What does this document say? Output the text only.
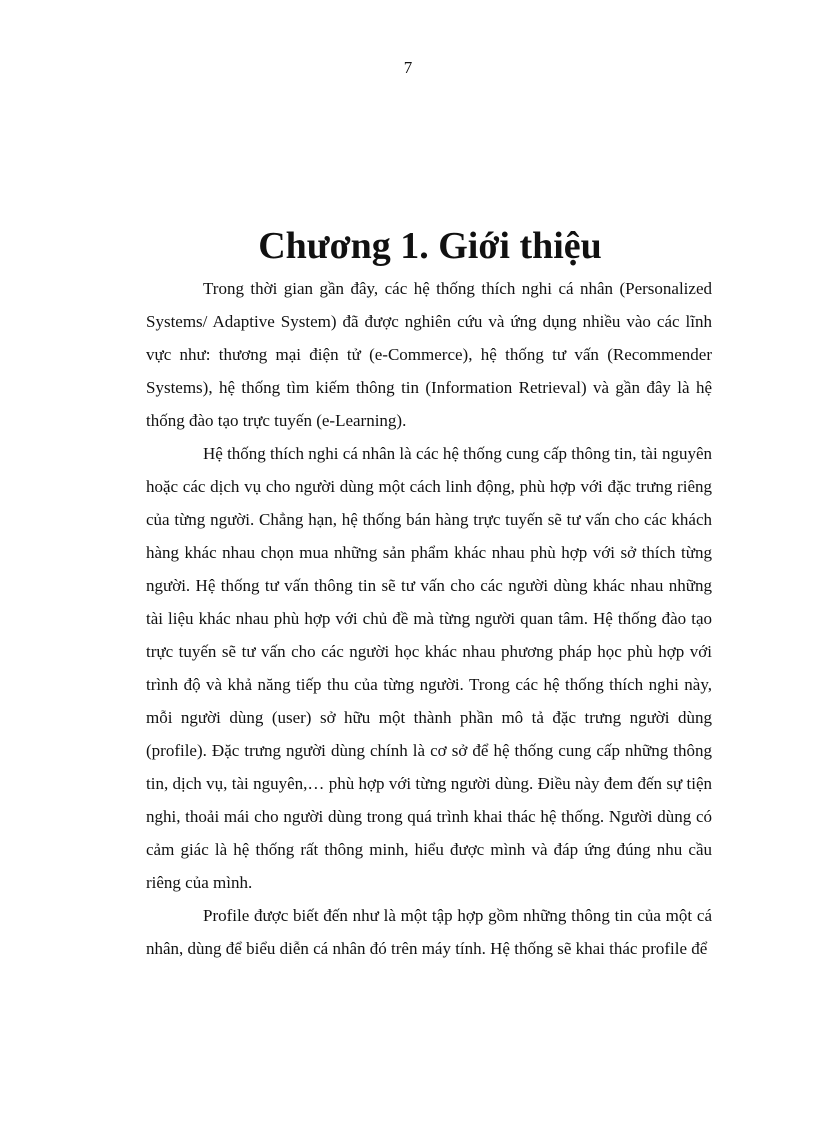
7
Chương 1. Giới thiệu

Trong thời gian gần đây, các hệ thống thích nghi cá nhân (Personalized Systems/ Adaptive System) đã được nghiên cứu và ứng dụng nhiều vào các lĩnh vực như: thương mại điện tử (e-Commerce), hệ thống tư vấn (Recommender Systems), hệ thống tìm kiếm thông tin (Information Retrieval) và gần đây là hệ thống đào tạo trực tuyến (e-Learning).

Hệ thống thích nghi cá nhân là các hệ thống cung cấp thông tin, tài nguyên hoặc các dịch vụ cho người dùng một cách linh động, phù hợp với đặc trưng riêng của từng người. Chẳng hạn, hệ thống bán hàng trực tuyến sẽ tư vấn cho các khách hàng khác nhau chọn mua những sản phẩm khác nhau phù hợp với sở thích từng người. Hệ thống tư vấn thông tin sẽ tư vấn cho các người dùng khác nhau những tài liệu khác nhau phù hợp với chủ đề mà từng người quan tâm. Hệ thống đào tạo trực tuyến sẽ tư vấn cho các người học khác nhau phương pháp học phù hợp với trình độ và khả năng tiếp thu của từng người. Trong các hệ thống thích nghi này, mỗi người dùng (user) sở hữu một thành phần mô tả đặc trưng người dùng (profile). Đặc trưng người dùng chính là cơ sở để hệ thống cung cấp những thông tin, dịch vụ, tài nguyên,… phù hợp với từng người dùng. Điều này đem đến sự tiện nghi, thoải mái cho người dùng trong quá trình khai thác hệ thống. Người dùng có cảm giác là hệ thống rất thông minh, hiểu được mình và đáp ứng đúng nhu cầu riêng của mình.

Profile được biết đến như là một tập hợp gồm những thông tin của một cá nhân, dùng để biểu diễn cá nhân đó trên máy tính. Hệ thống sẽ khai thác profile để
